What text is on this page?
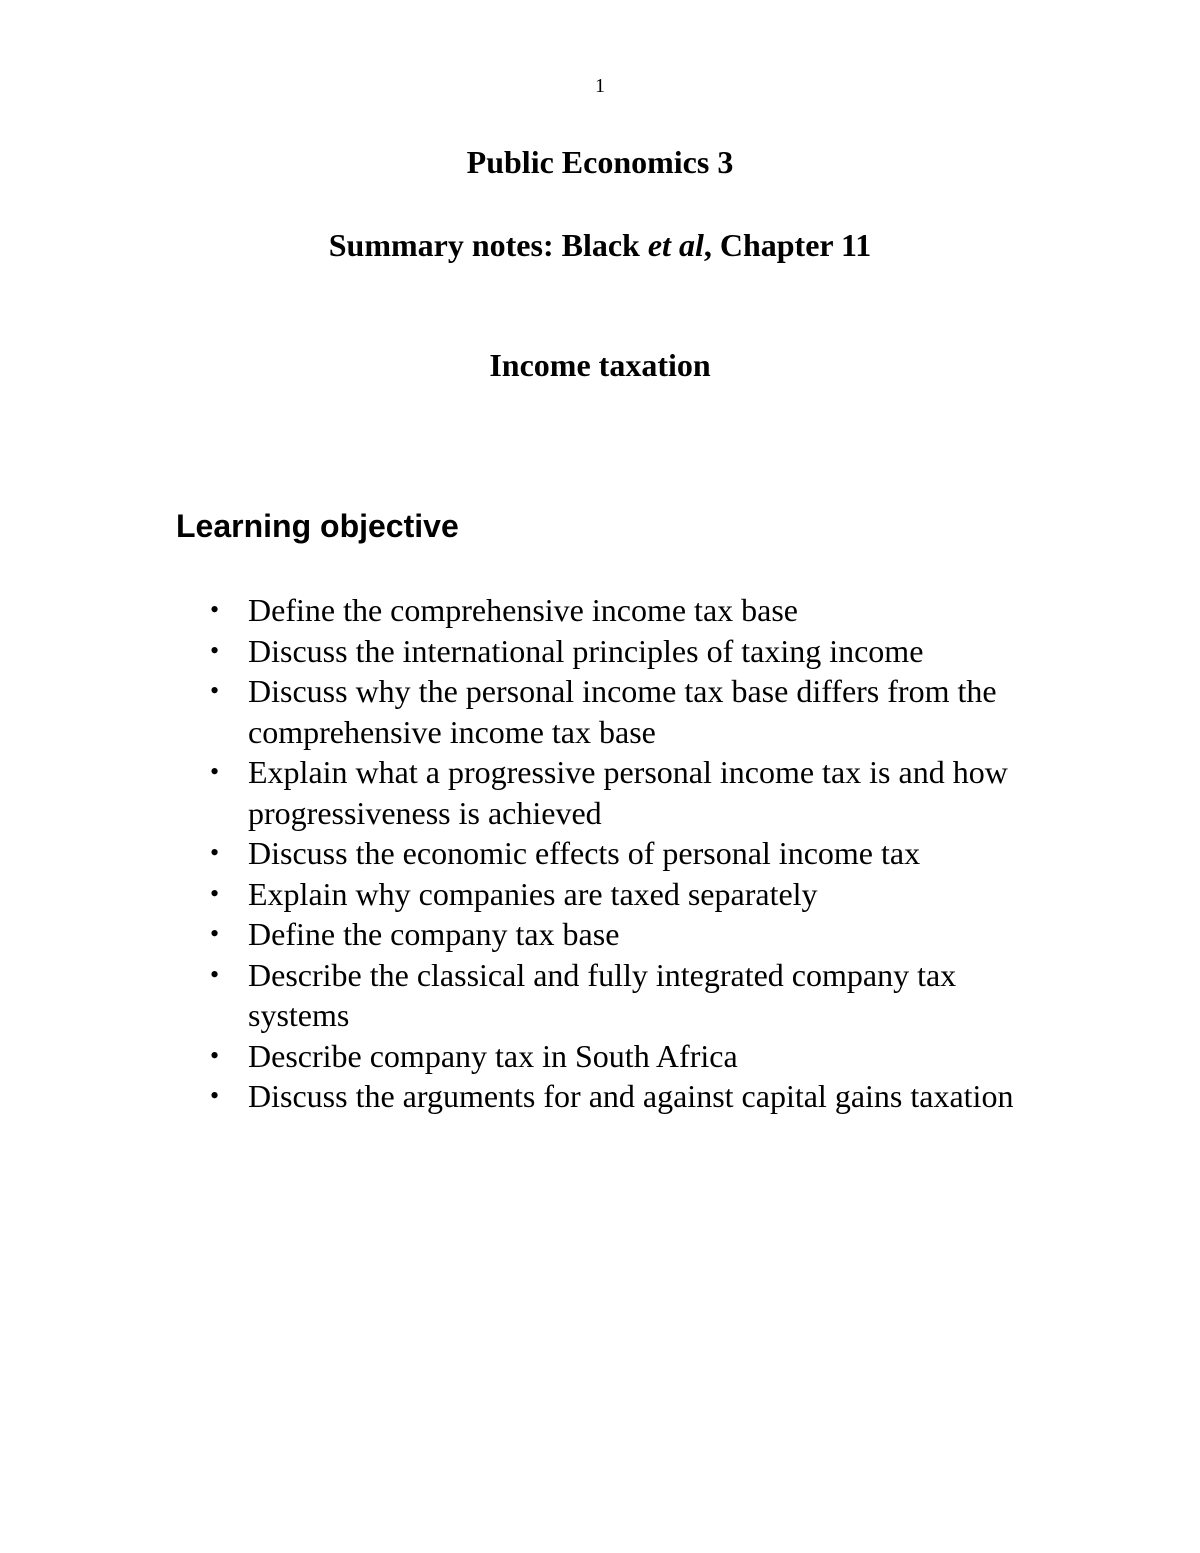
1
Public Economics 3
Summary notes: Black et al, Chapter 11
Income taxation
Learning objective
• Define the comprehensive income tax base
• Discuss the international principles of taxing income
• Discuss why the personal income tax base differs from the comprehensive income tax base
• Explain what a progressive personal income tax is and how progressiveness is achieved
• Discuss the economic effects of personal income tax
• Explain why companies are taxed separately
• Define the company tax base
• Describe the classical and fully integrated company tax systems
• Describe company tax in South Africa
• Discuss the arguments for and against capital gains taxation
